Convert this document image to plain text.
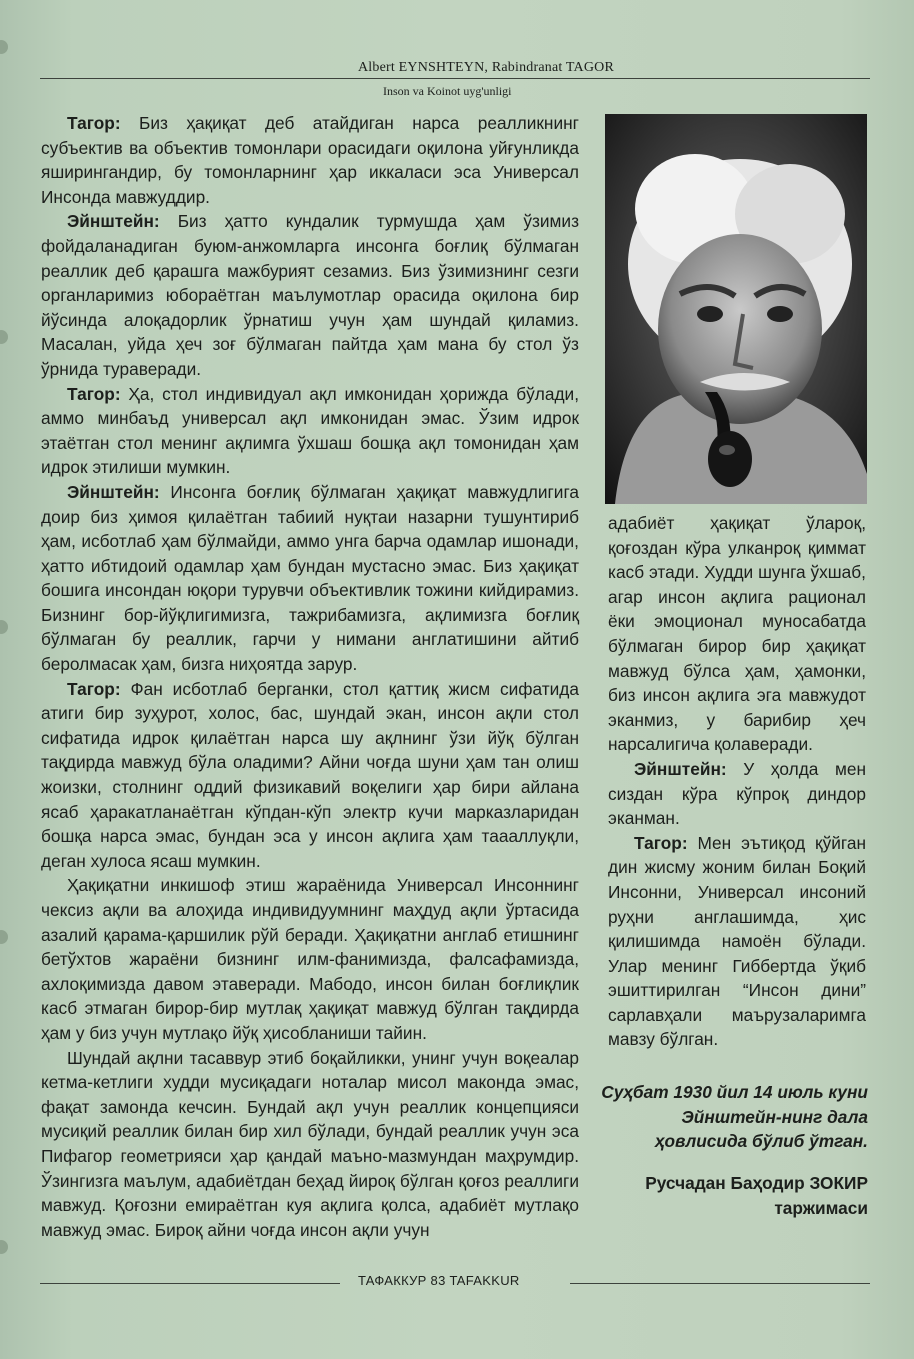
Albert EYNSHTEYN, Rabindranat TAGOR
Inson va Koinot uyg'unligi

Тагор: Биз ҳақиқат деб атайдиган нарса реалликнинг субъектив ва объектив томонлари орасидаги оқилона уйғунликда яширингандир, бу томонларнинг ҳар иккаласи эса Универсал Инсонда мавжуддир.

Эйнштейн: Биз ҳатто кундалик турмушда ҳам ўзимиз фойдаланадиган буюм-анжомларга инсонга боғлиқ бўлмаган реаллик деб қарашга мажбурият сезамиз. Биз ўзимизнинг сезги органларимиз юбораётган маълумотлар орасида оқилона бир йўсинда алоқадорлик ўрнатиш учун ҳам шундай қиламиз. Масалан, уйда ҳеч зоғ бўлмаган пайтда ҳам мана бу стол ўз ўрнида тураверади.

Тагор: Ҳа, стол индивидуал ақл имконидан ҳорижда бўлади, аммо минбаъд универсал ақл имконидан эмас. Ўзим идрок этаётган стол менинг ақлимга ўхшаш бошқа ақл томонидан ҳам идрок этилиши мумкин.

Эйнштейн: Инсонга боғлиқ бўлмаган ҳақиқат мавжудлигига доир биз ҳимоя қилаётган табиий нуқтаи назарни тушунтириб ҳам, исботлаб ҳам бўлмайди, аммо унга барча одамлар ишонади, ҳатто ибтидоий одамлар ҳам бундан мустасно эмас. Биз ҳақиқат бошига инсондан юқори турувчи объективлик тожини кийдирамиз. Бизнинг бор-йўқлигимизга, тажрибамизга, ақлимизга боғлиқ бўлмаган бу реаллик, гарчи у нимани англатишини айтиб беролмасак ҳам, бизга ниҳоятда зарур.

Тагор: Фан исботлаб берганки, стол қаттиқ жисм сифатида атиги бир зуҳурот, холос, бас, шундай экан, инсон ақли стол сифатида идрок қилаётган нарса шу ақлнинг ўзи йўқ бўлган тақдирда мавжуд бўла оладими? Айни чоғда шуни ҳам тан олиш жоизки, столнинг оддий физикавий воқелиги ҳар бири айлана ясаб ҳаракатланаётган кўпдан-кўп электр кучи марказларидан бошқа нарса эмас, бундан эса у инсон ақлига ҳам таааллуқли, деган хулоса ясаш мумкин.

Ҳақиқатни инкишоф этиш жараёнида Универсал Инсоннинг чексиз ақли ва алоҳида индивидуумнинг маҳдуд ақли ўртасида азалий қарама-қаршилик рўй беради. Ҳақиқатни англаб етишнинг бетўхтов жараёни бизнинг илм-фанимизда, фалсафамизда, ахлоқимизда давом этаверади. Мабодо, инсон билан боғлиқлик касб этмаган бирор-бир мутлақ ҳақиқат мавжуд бўлган тақдирда ҳам у биз учун мутлақо йўқ ҳисобланиши тайин.

Шундай ақлни тасаввур этиб боқайликки, унинг учун воқеалар кетма-кетлиги худди мусиқадаги ноталар мисол маконда эмас, фақат замонда кечсин. Бундай ақл учун реаллик концепцияси мусиқий реаллик билан бир хил бўлади, бундай реаллик учун эса Пифагор геометрияси ҳар қандай маъно-мазмундан маҳрумдир. Ўзингизга маълум, адабиётдан беҳад йироқ бўлган қоғоз реаллиги мавжуд. Қоғозни емираётган куя ақлига қолса, адабиёт мутлақо мавжуд эмас. Бироқ айни чоғда инсон ақли учун

адабиёт ҳақиқат ўлароқ, қоғоздан кўра улканроқ қиммат касб этади. Худди шунга ўхшаб, агар инсон ақлига рационал ёки эмоционал муносабатда бўлмаган бирор бир ҳақиқат мавжуд бўлса ҳам, ҳамонки, биз инсон ақлига эга мавжудот эканмиз, у барибир ҳеч нарсалигича қолаверади.

Эйнштейн: У ҳолда мен сиздан кўра кўпроқ диндор эканман.

Тагор: Мен эътиқод қўйган дин жисму жоним билан Боқий Инсонни, Универсал инсоний руҳни англашимда, ҳис қилишимда намоён бўлади. Улар менинг Гиббертда ўқиб эшиттирилган “Инсон дини” сарлавҳали маърузаларимга мавзу бўлган.

Суҳбат 1930 йил 14 июль куни Эйнштейн-нинг дала ҳовлисида бўлиб ўтган.
Русчадан Баҳодир ЗОКИР таржимаси
ТАФАККУР 83 TAFAKKUR
